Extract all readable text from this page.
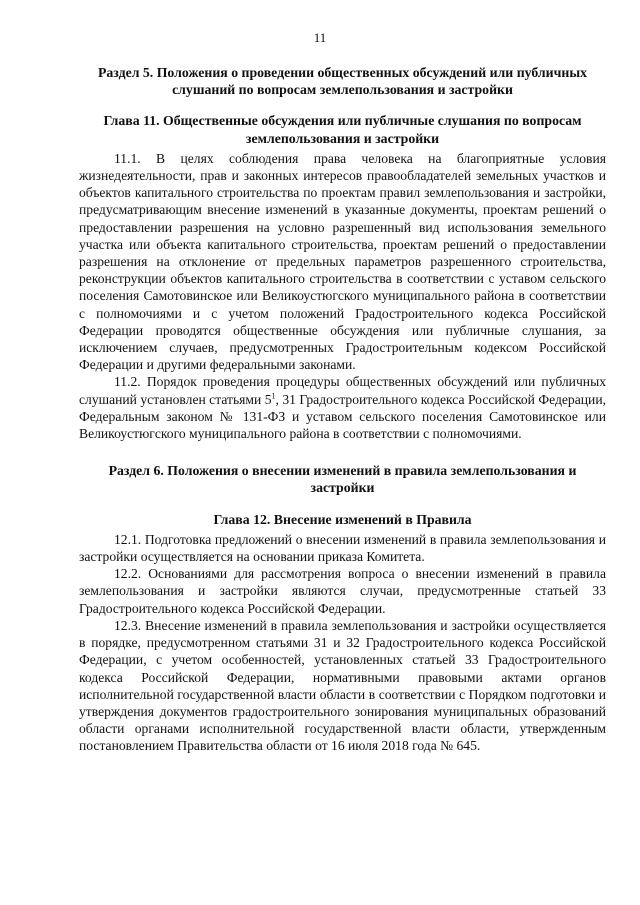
11
Раздел 5. Положения о проведении общественных обсуждений или публичных слушаний по вопросам землепользования и застройки
Глава 11. Общественные обсуждения или публичные слушания по вопросам землепользования и застройки

11.1. В целях соблюдения права человека на благоприятные условия жизнедеятельности, прав и законных интересов правообладателей земельных участков и объектов капитального строительства по проектам правил землепользования и застройки, предусматривающим внесение изменений в указанные документы, проектам решений о предоставлении разрешения на условно разрешенный вид использования земельного участка или объекта капитального строительства, проектам решений о предоставлении разрешения на отклонение от предельных параметров разрешенного строительства, реконструкции объектов капитального строительства в соответствии с уставом сельского поселения Самотовинское или Великоустюгского муниципального района в соответствии с полномочиями и с учетом положений Градостроительного кодекса Российской Федерации проводятся общественные обсуждения или публичные слушания, за исключением случаев, предусмотренных Градостроительным кодексом Российской Федерации и другими федеральными законами.

11.2. Порядок проведения процедуры общественных обсуждений или публичных слушаний установлен статьями $5^1$, 31 Градостроительного кодекса Российской Федерации, Федеральным законом № 131-ФЗ и уставом сельского поселения Самотовинское или Великоустюгского муниципального района в соответствии с полномочиями.

Раздел 6. Положения о внесении изменений в правила землепользования и застройки
Глава 12. Внесение изменений в Правила

12.1. Подготовка предложений о внесении изменений в правила землепользования и застройки осуществляется на основании приказа Комитета.

12.2. Основаниями для рассмотрения вопроса о внесении изменений в правила землепользования и застройки являются случаи, предусмотренные статьей 33 Градостроительного кодекса Российской Федерации.

12.3. Внесение изменений в правила землепользования и застройки осуществляется в порядке, предусмотренном статьями 31 и 32 Градостроительного кодекса Российской Федерации, с учетом особенностей, установленных статьей 33 Градостроительного кодекса Российской Федерации, нормативными правовыми актами органов исполнительной государственной власти области в соответствии с Порядком подготовки и утверждения документов градостроительного зонирования муниципальных образований области органами исполнительной государственной власти области, утвержденным постановлением Правительства области от 16 июля 2018 года № 645.
